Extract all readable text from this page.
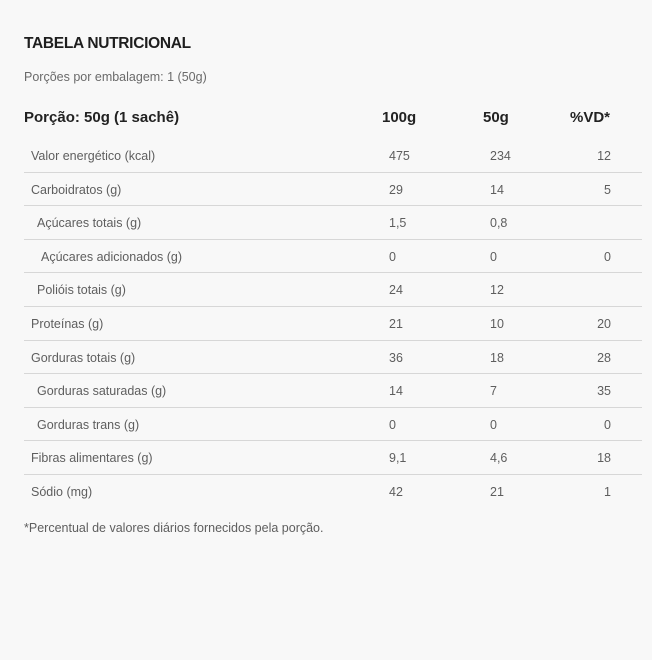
TABELA NUTRICIONAL
Porções por embalagem: 1 (50g)
Porção: 50g (1 sachê)	100g	50g	%VD*
Valor energético (kcal)	475	234	12
Carboidratos (g)	29	14	5
Açúcares totais (g)	1,5	0,8
Açúcares adicionados (g)	0	0	0
Polióis totais (g)	24	12
Proteínas (g)	21	10	20
Gorduras totais (g)	36	18	28
Gorduras saturadas (g)	14	7	35
Gorduras trans (g)	0	0	0
Fibras alimentares (g)	9,1	4,6	18
Sódio (mg)	42	21	1
*Percentual de valores diários fornecidos pela porção.
